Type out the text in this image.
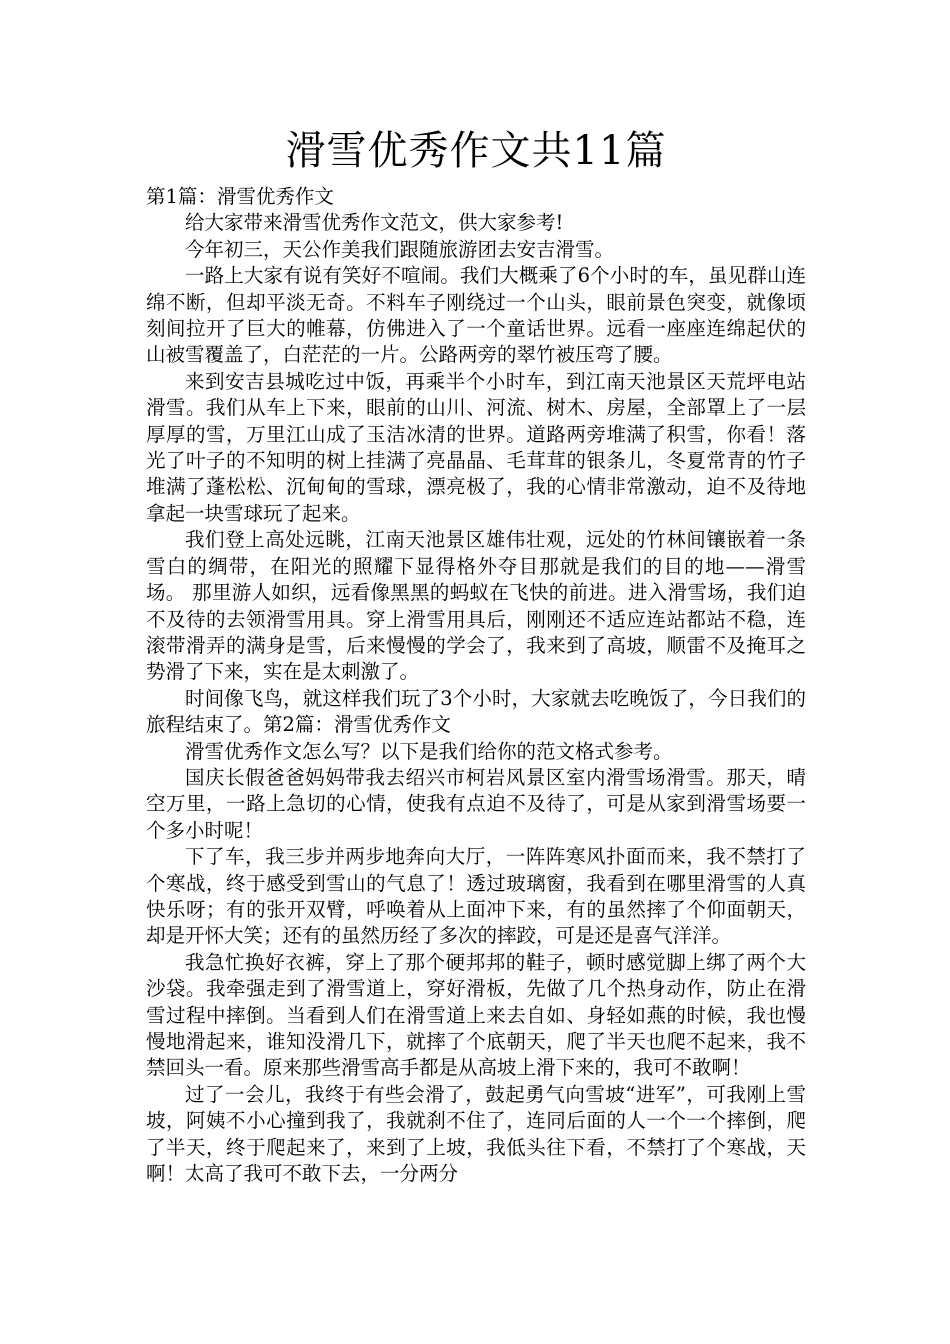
滑雪优秀作文共11篇

第1篇：滑雪优秀作文

给大家带来滑雪优秀作文范文，供大家参考!

今年初三，天公作美我们跟随旅游团去安吉滑雪。

一路上大家有说有笑好不喧闹。我们大概乘了6个小时的车，虽见群山连绵不断，但却平淡无奇。不料车子刚绕过一个山头，眼前景色突变，就像顷刻间拉开了巨大的帷幕，仿佛进入了一个童话世界。远看一座座连绵起伏的山被雪覆盖了，白茫茫的一片。公路两旁的翠竹被压弯了腰。

来到安吉县城吃过中饭，再乘半个小时车，到江南天池景区天荒坪电站滑雪。我们从车上下来，眼前的山川、河流、树木、房屋，全部罩上了一层厚厚的雪，万里江山成了玉洁冰清的世界。道路两旁堆满了积雪，你看！落光了叶子的不知明的树上挂满了亮晶晶、毛茸茸的银条儿，冬夏常青的竹子堆满了蓬松松、沉甸甸的雪球，漂亮极了，我的心情非常激动，迫不及待地拿起一块雪球玩了起来。

我们登上高处远眺，江南天池景区雄伟壮观，远处的竹林间镶嵌着一条雪白的绸带，在阳光的照耀下显得格外夺目那就是我们的目的地——滑雪场。 那里游人如织，远看像黑黑的蚂蚁在飞快的前进。进入滑雪场，我们迫不及待的去领滑雪用具。穿上滑雪用具后，刚刚还不适应连站都站不稳，连滚带滑弄的满身是雪，后来慢慢的学会了，我来到了高坡，顺雷不及掩耳之势滑了下来，实在是太刺激了。

时间像飞鸟，就这样我们玩了3个小时，大家就去吃晚饭了，今日我们的旅程结束了。第2篇：滑雪优秀作文

滑雪优秀作文怎么写？以下是我们给你的范文格式参考。

国庆长假爸爸妈妈带我去绍兴市柯岩风景区室内滑雪场滑雪。那天，晴空万里，一路上急切的心情，使我有点迫不及待了，可是从家到滑雪场要一个多小时呢！

下了车，我三步并两步地奔向大厅，一阵阵寒风扑面而来，我不禁打了个寒战，终于感受到雪山的气息了！透过玻璃窗，我看到在哪里滑雪的人真快乐呀；有的张开双臂，呼唤着从上面冲下来，有的虽然摔了个仰面朝天，却是开怀大笑；还有的虽然历经了多次的摔跤，可是还是喜气洋洋。

我急忙换好衣裤，穿上了那个硬邦邦的鞋子，顿时感觉脚上绑了两个大沙袋。我牵强走到了滑雪道上，穿好滑板，先做了几个热身动作，防止在滑雪过程中摔倒。当看到人们在滑雪道上来去自如、身轻如燕的时候，我也慢慢地滑起来，谁知没滑几下，就摔了个底朝天，爬了半天也爬不起来，我不禁回头一看。原来那些滑雪高手都是从高坡上滑下来的，我可不敢啊！

过了一会儿，我终于有些会滑了，鼓起勇气向雪坡“进军”，可我刚上雪坡，阿姨不小心撞到我了，我就刹不住了，连同后面的人一个一个摔倒，爬了半天，终于爬起来了，来到了上坡，我低头往下看，不禁打了个寒战，天啊！太高了我可不敢下去，一分两分
